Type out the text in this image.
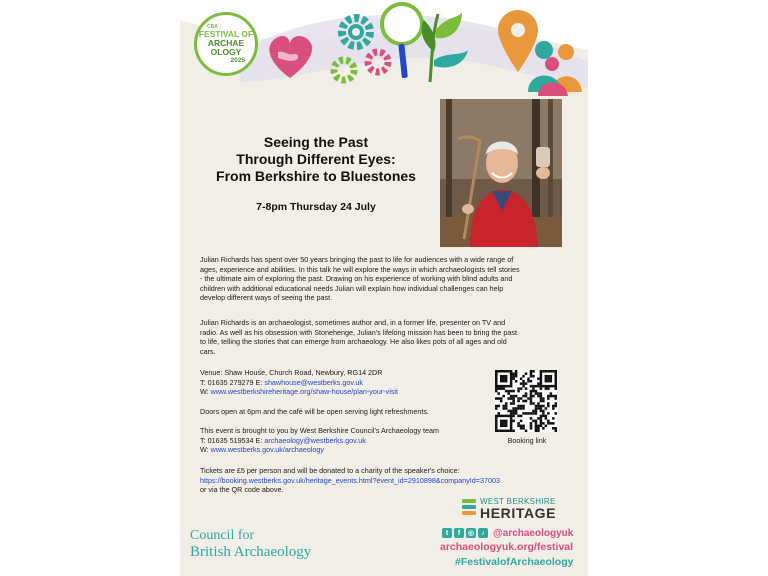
CBA
FESTIVAL OF
ARCHAE
OLOGY
2025
Seeing the Past
Through Different Eyes:
From Berkshire to Bluestones
7-8pm Thursday 24 July
Julian Richards has spent over 50 years bringing the past to life for audiences with a wide range of
ages, experience and abilities. In this talk he will explore the ways in which archaeologists tell stories
- the ultimate aim of exploring the past. Drawing on his experience of working with blind adults and
children with additional educational needs Julian will explain how individual challenges can help
develop different ways of seeing the past.
Julian Richards is an archaeologist, sometimes author and, in a former life, presenter on TV and
radio. As well as his obsession with Stonehenge, Julian's lifelong mission has been to bring the past
to life, telling the stories that can emerge from archaeology. He also likes pots of all ages and old
cars.
Venue: Shaw House, Church Road, Newbury, RG14 2DR
T: 01635 279279 E: shawhouse@westberks.gov.uk
W: www.westberkshireheritage.org/shaw-house/plan-your-visit
Doors open at 6pm and the café will be open serving light refreshments.
This event is brought to you by West Berkshire Council's Archaeology team
T: 01635 519534 E: archaeology@westberks.gov.uk
W: www.westberks.gov.uk/archaeology
Tickets are £5 per person and will be donated to a charity of the speaker's choice:
https://booking.westberks.gov.uk/heritage_events.html?event_id=2910898&companyId=37003
or via the QR code above.
Booking link
WEST BERKSHIRE
HERITAGE
Council for
British Archaeology
t	f	◎	♪ @archaeologyuk
archaeologyuk.org/festival
#FestivalofArchaeology
